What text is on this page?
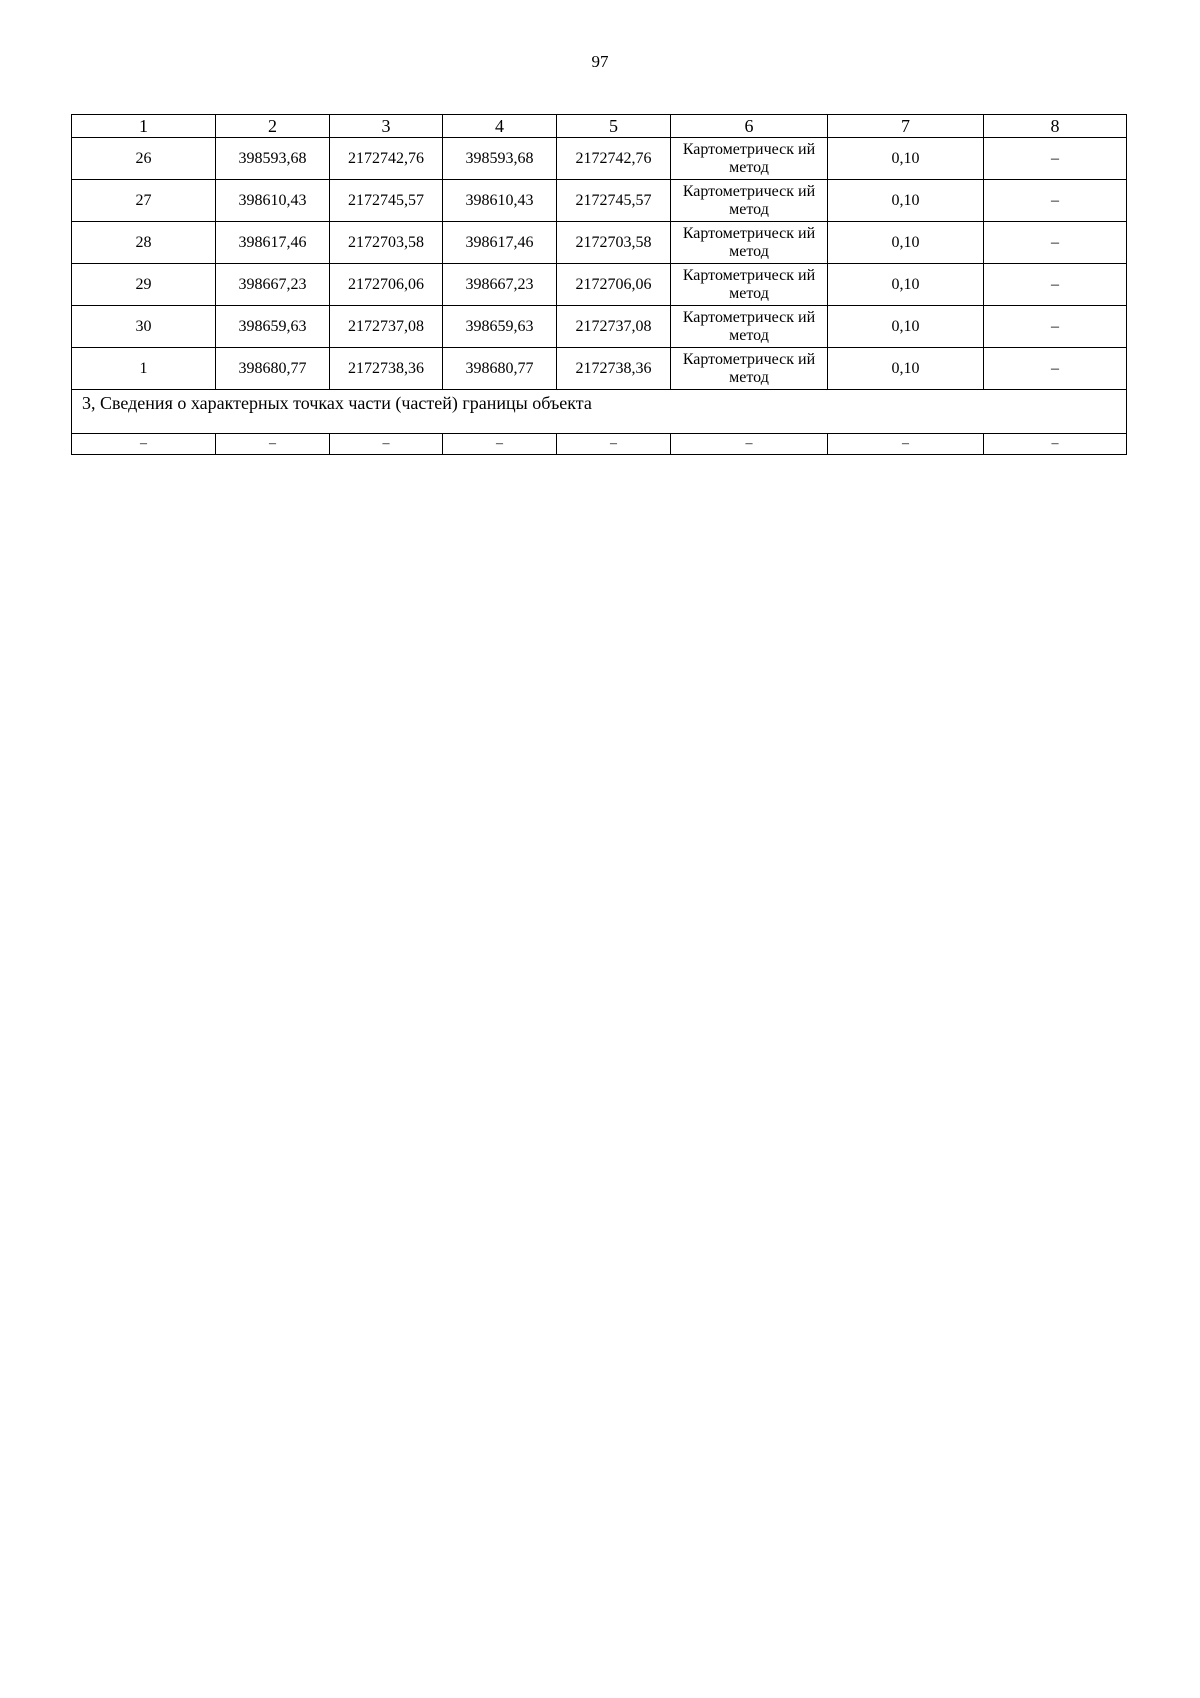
97
1	2	3	4	5	6	7	8
26	398593,68	2172742,76	398593,68	2172742,76	Картометрическ ий метод	0,10	–
27	398610,43	2172745,57	398610,43	2172745,57	Картометрическ ий метод	0,10	–
28	398617,46	2172703,58	398617,46	2172703,58	Картометрическ ий метод	0,10	–
29	398667,23	2172706,06	398667,23	2172706,06	Картометрическ ий метод	0,10	–
30	398659,63	2172737,08	398659,63	2172737,08	Картометрическ ий метод	0,10	–
1	398680,77	2172738,36	398680,77	2172738,36	Картометрическ ий метод	0,10	–
3, Сведения о характерных точках части (частей) границы объекта							
–	–	–	–	–	–	–	–
